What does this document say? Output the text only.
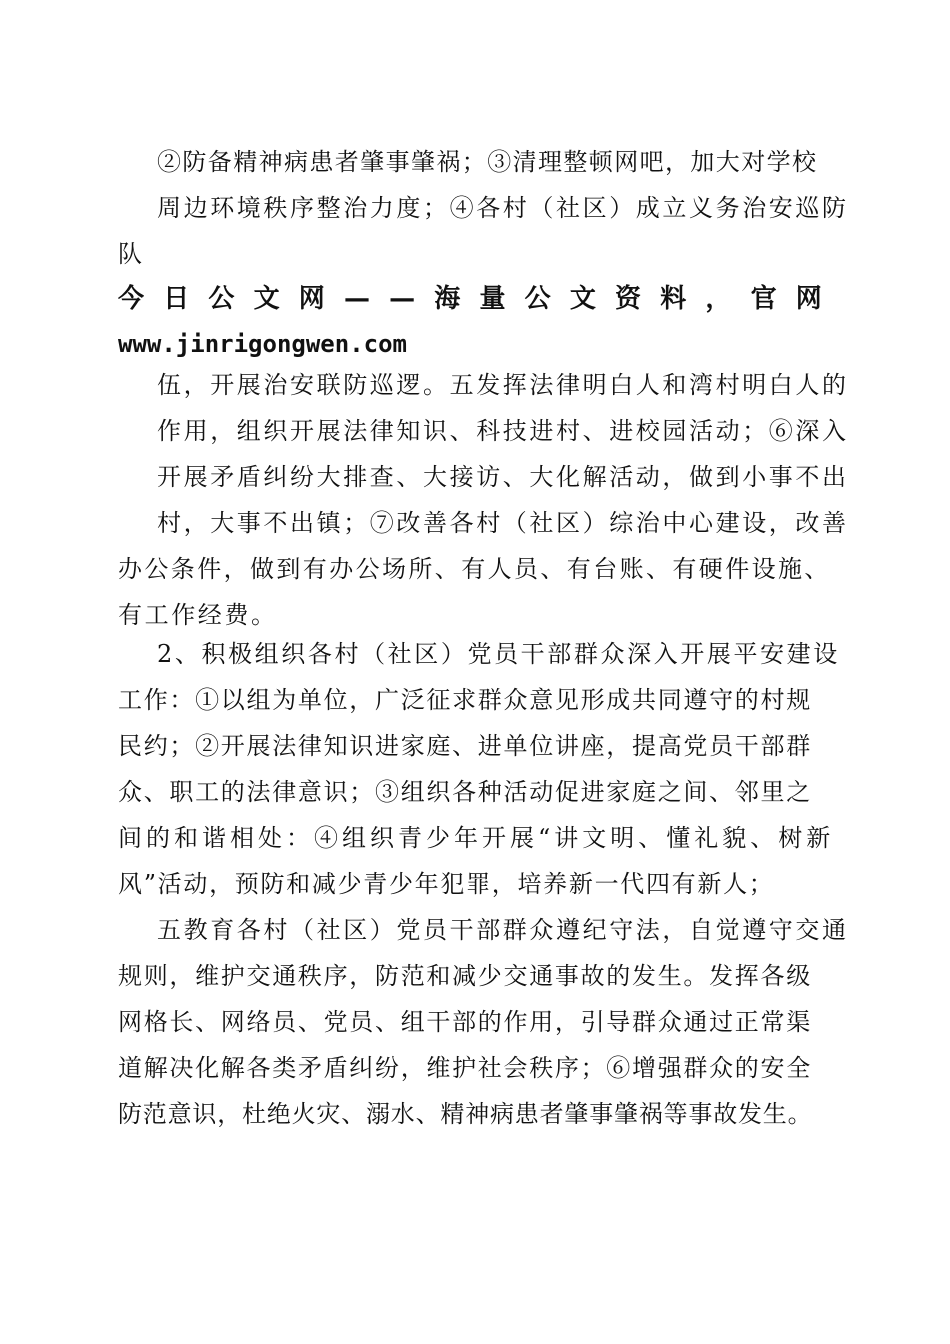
②防备精神病患者肇事肇祸；③清理整顿网吧，加大对学校
周边环境秩序整治力度；④各村（社区）成立义务治安巡防
队
今 日 公 文 网 — — 海 量 公 文 资 料 ， 官 网
www.jinrigongwen.com
伍，开展治安联防巡逻。五发挥法律明白人和湾村明白人的
作用，组织开展法律知识、科技进村、进校园活动；⑥深入
开展矛盾纠纷大排查、大接访、大化解活动，做到小事不出
村，大事不出镇；⑦改善各村（社区）综治中心建设，改善
办公条件，做到有办公场所、有人员、有台账、有硬件设施、
有工作经费。
2、积极组织各村（社区）党员干部群众深入开展平安建设
工作：①以组为单位，广泛征求群众意见形成共同遵守的村规
民约；②开展法律知识进家庭、进单位讲座，提高党员干部群
众、职工的法律意识；③组织各种活动促进家庭之间、邻里之
间的和谐相处：④组织青少年开展“讲文明、懂礼貌、树新
风”活动，预防和减少青少年犯罪，培养新一代四有新人；
五教育各村（社区）党员干部群众遵纪守法，自觉遵守交通
规则，维护交通秩序，防范和减少交通事故的发生。发挥各级
网格长、网络员、党员、组干部的作用，引导群众通过正常渠
道解决化解各类矛盾纠纷，维护社会秩序；⑥增强群众的安全
防范意识，杜绝火灾、溺水、精神病患者肇事肇祸等事故发生。
